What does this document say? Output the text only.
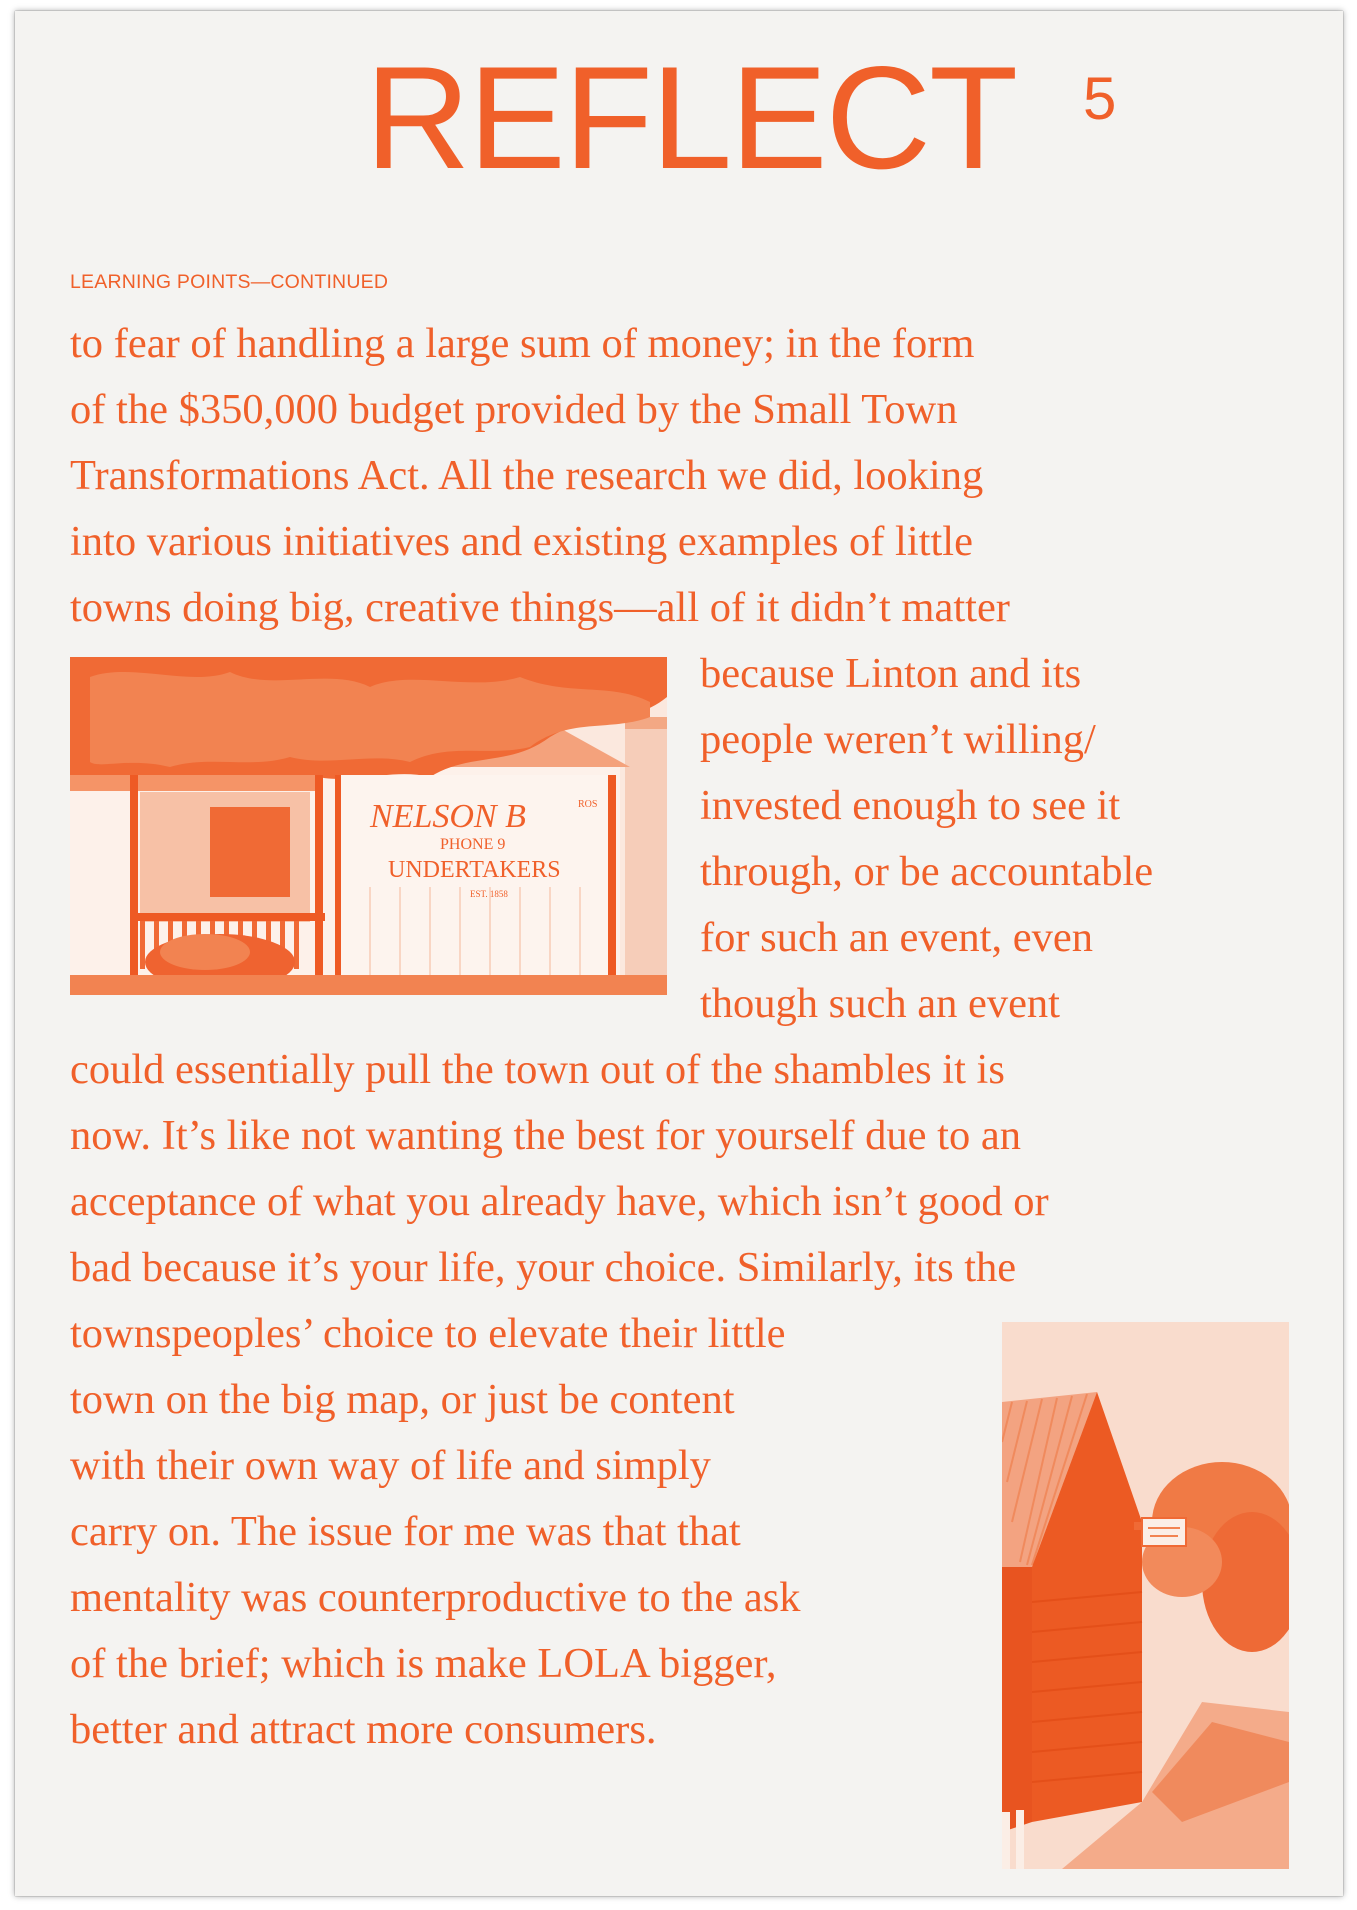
REFLECT 5
LEARNING POINTS—CONTINUED
to fear of handling a large sum of money; in the form
of the $350,000 budget provided by the Small Town
Transformations Act. All the research we did, looking
into various initiatives and existing examples of little
towns doing big, creative things—all of it didn’t matter
because Linton and its
people weren’t willing/
invested enough to see it
through, or be accountable
for such an event, even
though such an event
could essentially pull the town out of the shambles it is
now. It’s like not wanting the best for yourself due to an
acceptance of what you already have, which isn’t good or
bad because it’s your life, your choice. Similarly, its the
townspeoples’ choice to elevate their little
town on the big map, or just be content
with their own way of life and simply
carry on. The issue for me was that that
mentality was counterproductive to the ask
of the brief; which is make LOLA bigger,
better and attract more consumers.
NELSON B	ROS
PHONE 9
UNDERTAKERS
EST. 1858
